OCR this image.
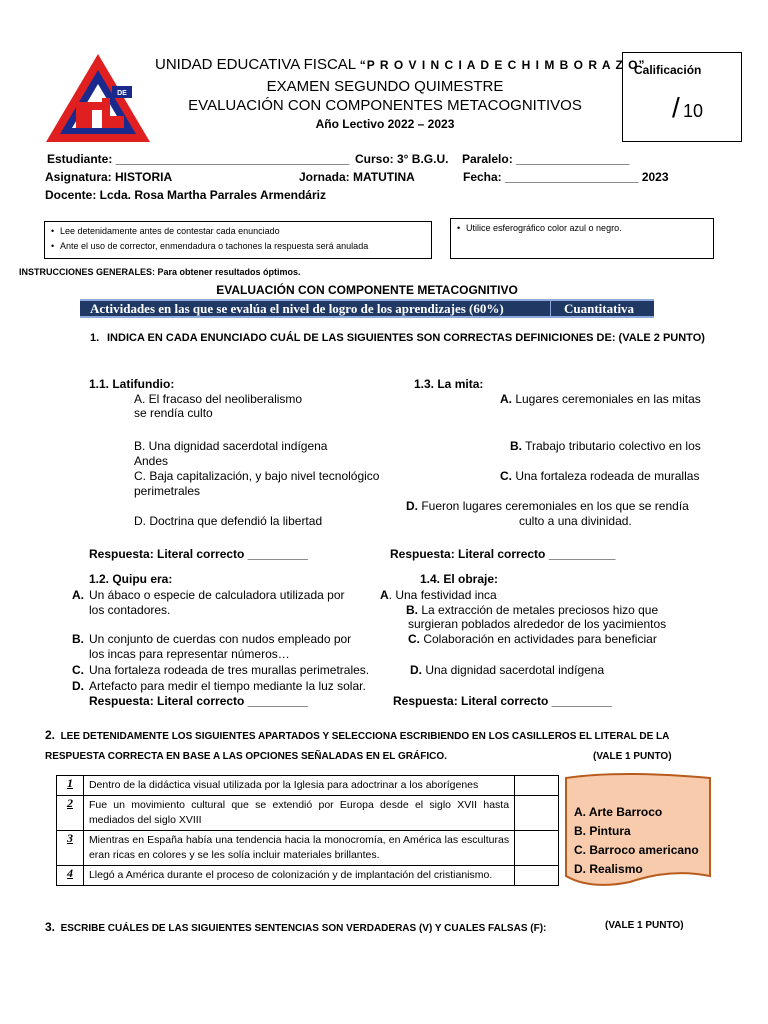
DE
UNIDAD EDUCATIVA FISCAL “P R O V I N C I A D E C H I M B O R A Z O”
EXAMEN SEGUNDO QUIMESTRE
EVALUACIÓN CON COMPONENTES METACOGNITIVOS
Año Lectivo 2022 – 2023
Calificación
/ 10
Estudiante: ___________________________________ Curso: 3° B.G.U. Paralelo: _________________
Asignatura: HISTORIA	Jornada: MATUTINA	Fecha: ____________________ 2023
Docente: Lcda. Rosa Martha Parrales Armendáriz
• Lee detenidamente antes de contestar cada enunciado
• Ante el uso de corrector, enmendadura o tachones la respuesta será anulada
• Utilice esferográfico color azul o negro.
INSTRUCCIONES GENERALES: Para obtener resultados óptimos.
EVALUACIÓN CON COMPONENTE METACOGNITIVO
Actividades en las que se evalúa el nivel de logro de los aprendizajes (60%)	Cuantitativa
1. INDICA EN CADA ENUNCIADO CUÁL DE LAS SIGUIENTES SON CORRECTAS DEFINICIONES DE: (VALE 2 PUNTO)
1.1. Latifundio:
A. El fracaso del neoliberalismo
se rendía culto
B. Una dignidad sacerdotal indígena
Andes
C. Baja capitalización, y bajo nivel tecnológico
perimetrales
D. Doctrina que defendió la libertad
1.3. La mita:
A. Lugares ceremoniales en las mitas
B. Trabajo tributario colectivo en los
C. Una fortaleza rodeada de murallas
D. Fueron lugares ceremoniales en los que se rendía
culto a una divinidad.
Respuesta: Literal correcto _________	Respuesta: Literal correcto __________
1.2. Quipu era:
A. Un ábaco o especie de calculadora utilizada por
los contadores.
B. Un conjunto de cuerdas con nudos empleado por
los incas para representar números…
C. Una fortaleza rodeada de tres murallas perimetrales.
D. Artefacto para medir el tiempo mediante la luz solar.
Respuesta: Literal correcto _________
1.4. El obraje:
A. Una festividad inca
B. La extracción de metales preciosos hizo que
surgieran poblados alrededor de los yacimientos
C. Colaboración en actividades para beneficiar
D. Una dignidad sacerdotal indígena
Respuesta: Literal correcto _________
2. LEE DETENIDAMENTE LOS SIGUIENTES APARTADOS Y SELECCIONA ESCRIBIENDO EN LOS CASILLEROS EL LITERAL DE LA
RESPUESTA CORRECTA EN BASE A LAS OPCIONES SEÑALADAS EN EL GRÁFICO.	(VALE 1 PUNTO)
1	Dentro de la didáctica visual utilizada por la Iglesia para adoctrinar a los aborígenes	
2	Fue un movimiento cultural que se extendió por Europa desde el siglo XVII hasta mediados del siglo XVIII	
3	Mientras en España había una tendencia hacia la monocromía, en América las esculturas eran ricas en colores y se les solía incluir materiales brillantes.	
4	Llegó a América durante el proceso de colonización y de implantación del cristianismo.	
A. Arte Barroco
B. Pintura
C. Barroco americano
D. Realismo
3. ESCRIBE CUÁLES DE LAS SIGUIENTES SENTENCIAS SON VERDADERAS (V) Y CUALES FALSAS (F):	(VALE 1 PUNTO)
